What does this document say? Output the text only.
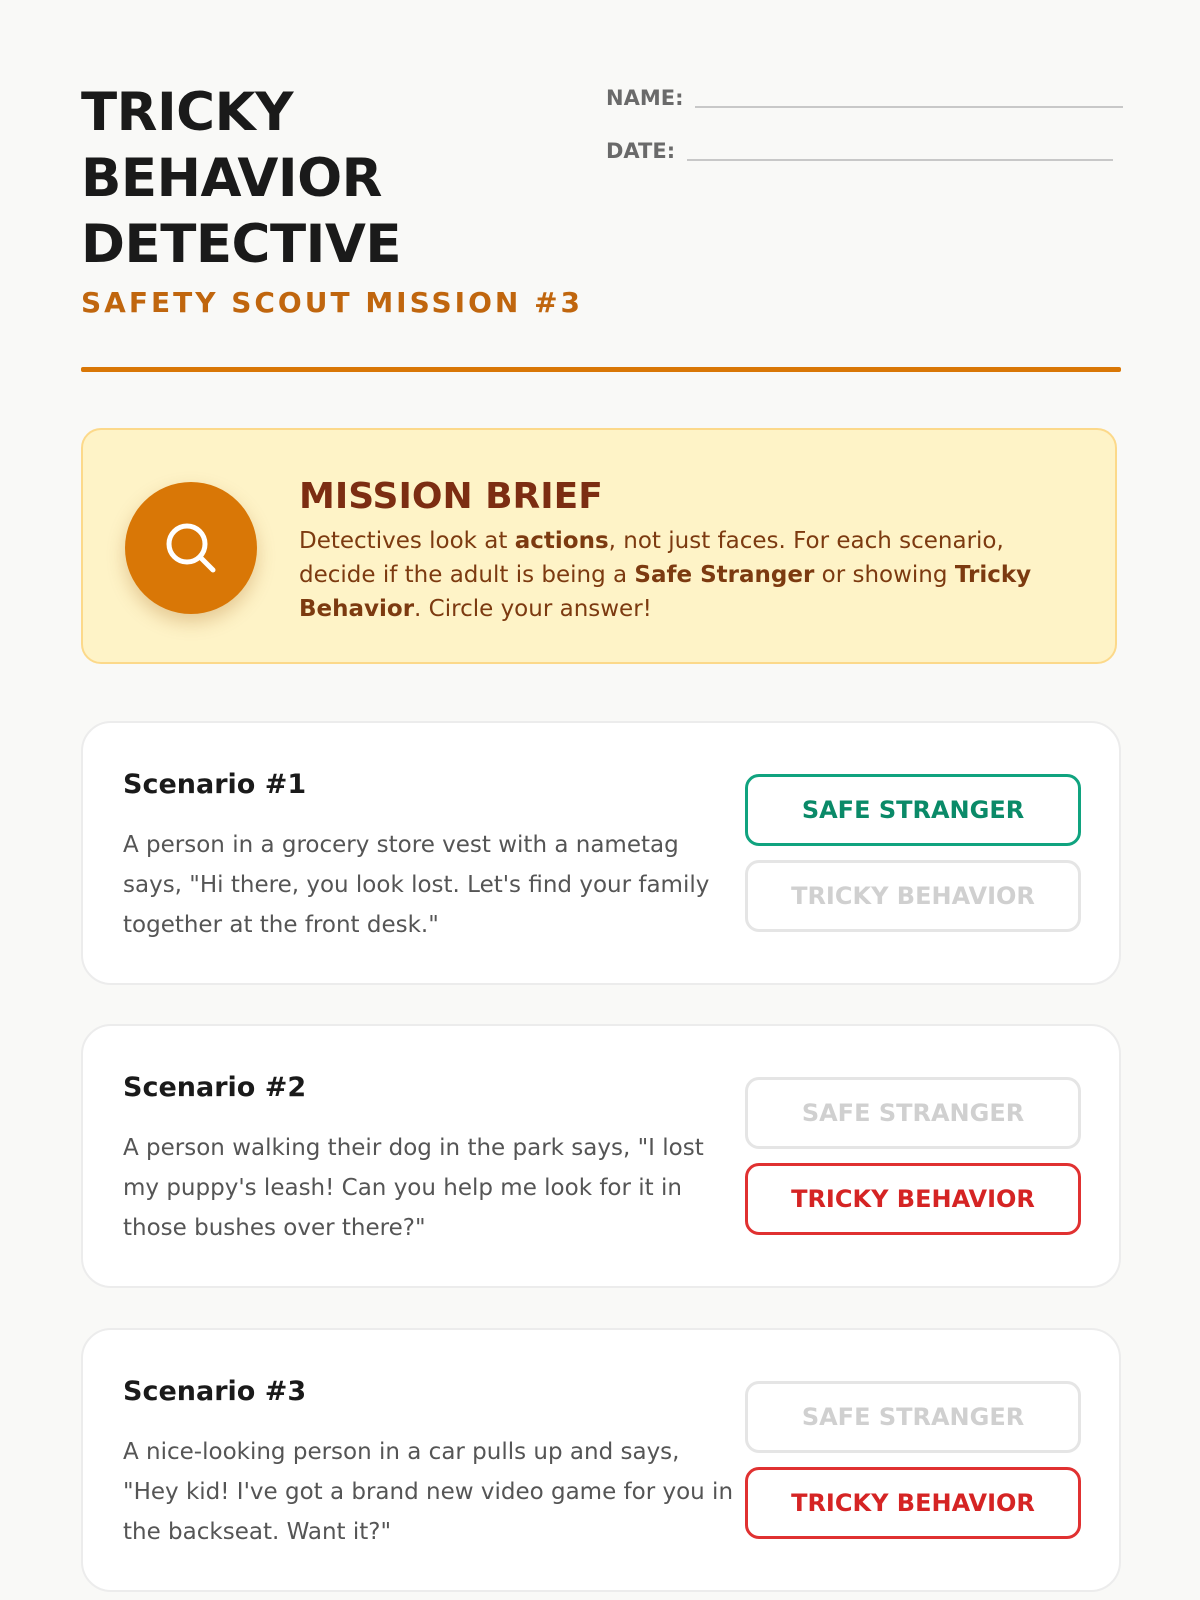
TRICKY
BEHAVIOR
DETECTIVE
SAFETY SCOUT MISSION #3
NAME:
DATE:
MISSION BRIEF
Detectives look at actions, not just faces. For each scenario, decide if the adult is being a Safe Stranger or showing Tricky Behavior. Circle your answer!
Scenario #1
A person in a grocery store vest with a nametag says, "Hi there, you look lost. Let's find your family together at the front desk."
SAFE STRANGER
TRICKY BEHAVIOR
Scenario #2
A person walking their dog in the park says, "I lost my puppy's leash! Can you help me look for it in those bushes over there?"
SAFE STRANGER
TRICKY BEHAVIOR
Scenario #3
A nice-looking person in a car pulls up and says, "Hey kid! I've got a brand new video game for you in the backseat. Want it?"
SAFE STRANGER
TRICKY BEHAVIOR
